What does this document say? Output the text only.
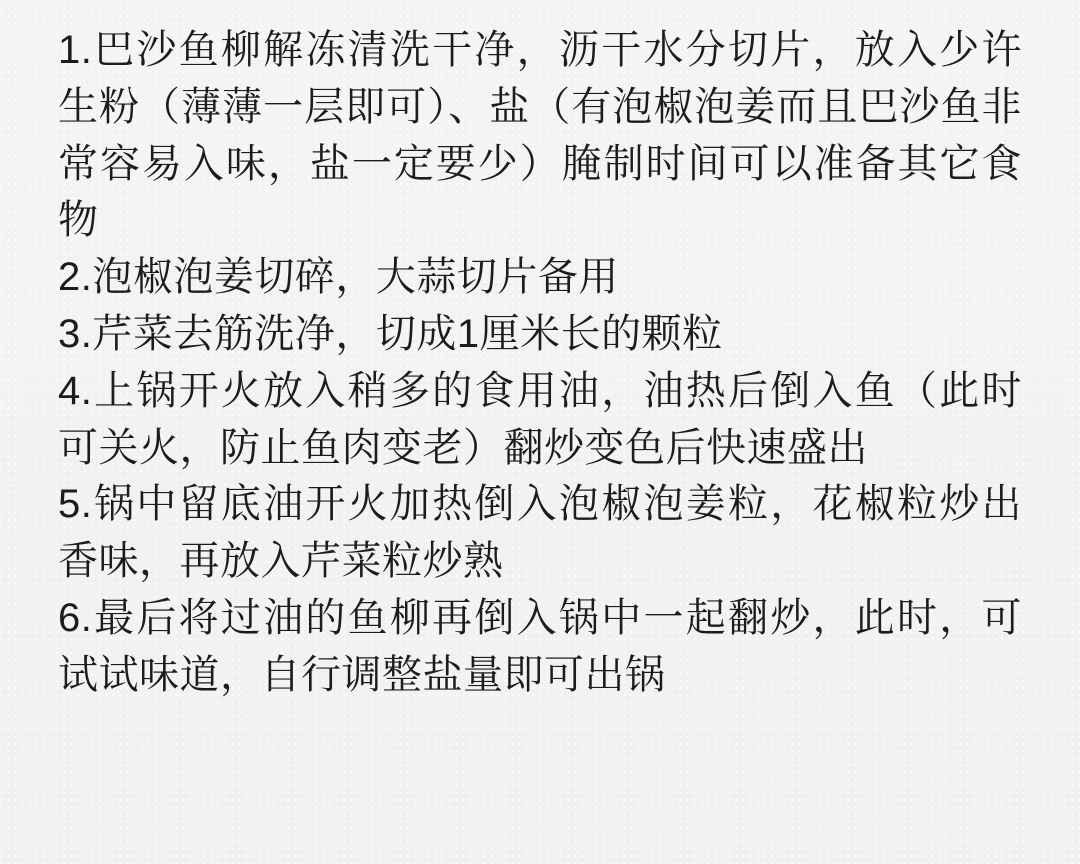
1.巴沙鱼柳解冻清洗干净，沥干水分切片，放入少许生粉（薄薄一层即可）、盐（有泡椒泡姜而且巴沙鱼非常容易入味，盐一定要少）腌制时间可以准备其它食物

2.泡椒泡姜切碎，大蒜切片备用

3.芹菜去筋洗净，切成1厘米长的颗粒

4.上锅开火放入稍多的食用油，油热后倒入鱼（此时可关火，防止鱼肉变老）翻炒变色后快速盛出

5.锅中留底油开火加热倒入泡椒泡姜粒，花椒粒炒出香味，再放入芹菜粒炒熟

6.最后将过油的鱼柳再倒入锅中一起翻炒，此时，可试试味道，自行调整盐量即可出锅
